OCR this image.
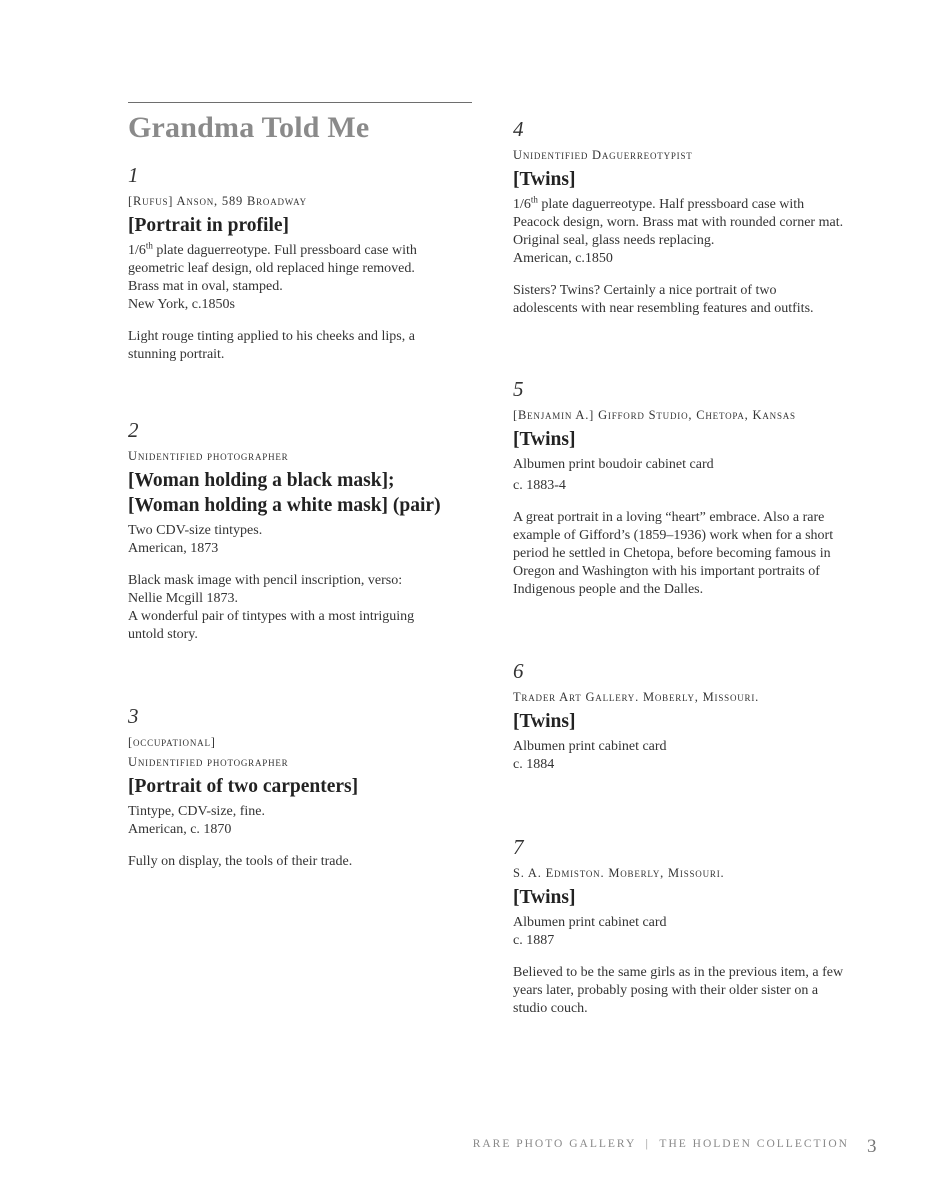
Grandma Told Me
1
[Rufus] Anson, 589 Broadway
[Portrait in profile]
1/6th plate daguerreotype. Full pressboard case with
geometric leaf design, old replaced hinge removed.
Brass mat in oval, stamped.
New York, c.1850s
Light rouge tinting applied to his cheeks and lips, a
stunning portrait.
2
Unidentified photographer
[Woman holding a black mask];
[Woman holding a white mask] (pair)
Two CDV-size tintypes.
American, 1873
Black mask image with pencil inscription, verso:
Nellie Mcgill 1873.
A wonderful pair of tintypes with a most intriguing
untold story.
3
[occupational]
Unidentified photographer
[Portrait of two carpenters]
Tintype, CDV-size, fine.
American, c. 1870
Fully on display, the tools of their trade.
4
Unidentified Daguerreotypist
[Twins]
1/6th plate daguerreotype. Half pressboard case with
Peacock design, worn. Brass mat with rounded corner mat.
Original seal, glass needs replacing.
American, c.1850
Sisters? Twins? Certainly a nice portrait of two
adolescents with near resembling features and outfits.
5
[Benjamin A.] Gifford Studio, Chetopa, Kansas
[Twins]
Albumen print boudoir cabinet card
c. 1883-4
A great portrait in a loving “heart” embrace. Also a rare
example of Gifford’s (1859–1936) work when for a short
period he settled in Chetopa, before becoming famous in
Oregon and Washington with his important portraits of
Indigenous people and the Dalles.
6
Trader Art Gallery. Moberly, Missouri.
[Twins]
Albumen print cabinet card
c. 1884
7
S. A. Edmiston. Moberly, Missouri.
[Twins]
Albumen print cabinet card
c. 1887
Believed to be the same girls as in the previous item, a few
years later, probably posing with their older sister on a
studio couch.
RARE PHOTO GALLERY  |  THE HOLDEN COLLECTION 3
